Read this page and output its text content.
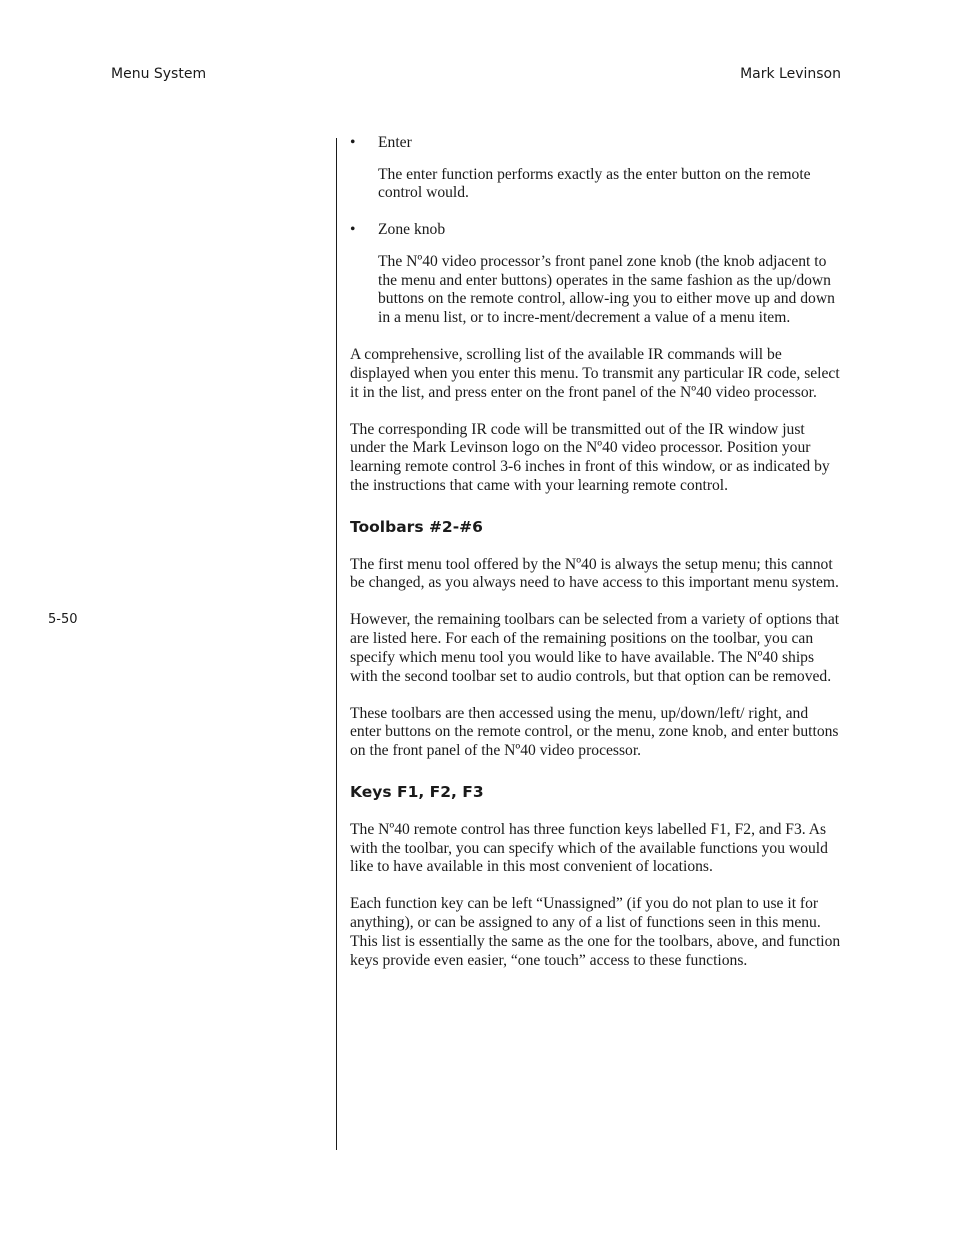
Menu System	Mark Levinson
5-50
• Enter

The enter function performs exactly as the enter button on the remote control would.

• Zone knob

The Nº40 video processor’s front panel zone knob (the knob adjacent to the menu and enter buttons) operates in the same fashion as the up/down buttons on the remote control, allow-ing you to either move up and down in a menu list, or to incre-ment/decrement a value of a menu item.

A comprehensive, scrolling list of the available IR commands will be displayed when you enter this menu. To transmit any particular IR code, select it in the list, and press enter on the front panel of the Nº40 video processor.

The corresponding IR code will be transmitted out of the IR window just under the Mark Levinson logo on the Nº40 video processor. Position your learning remote control 3-6 inches in front of this window, or as indicated by the instructions that came with your learning remote control.

Toolbars #2-#6

The first menu tool offered by the Nº40 is always the setup menu; this cannot be changed, as you always need to have access to this important menu system.

However, the remaining toolbars can be selected from a variety of options that are listed here. For each of the remaining positions on the toolbar, you can specify which menu tool you would like to have available. The Nº40 ships with the second toolbar set to audio controls, but that option can be removed.

These toolbars are then accessed using the menu, up/down/left/ right, and enter buttons on the remote control, or the menu, zone knob, and enter buttons on the front panel of the Nº40 video processor.

Keys F1, F2, F3

The Nº40 remote control has three function keys labelled F1, F2, and F3. As with the toolbar, you can specify which of the available functions you would like to have available in this most convenient of locations.

Each function key can be left “Unassigned” (if you do not plan to use it for anything), or can be assigned to any of a list of functions seen in this menu. This list is essentially the same as the one for the toolbars, above, and function keys provide even easier, “one touch” access to these functions.
